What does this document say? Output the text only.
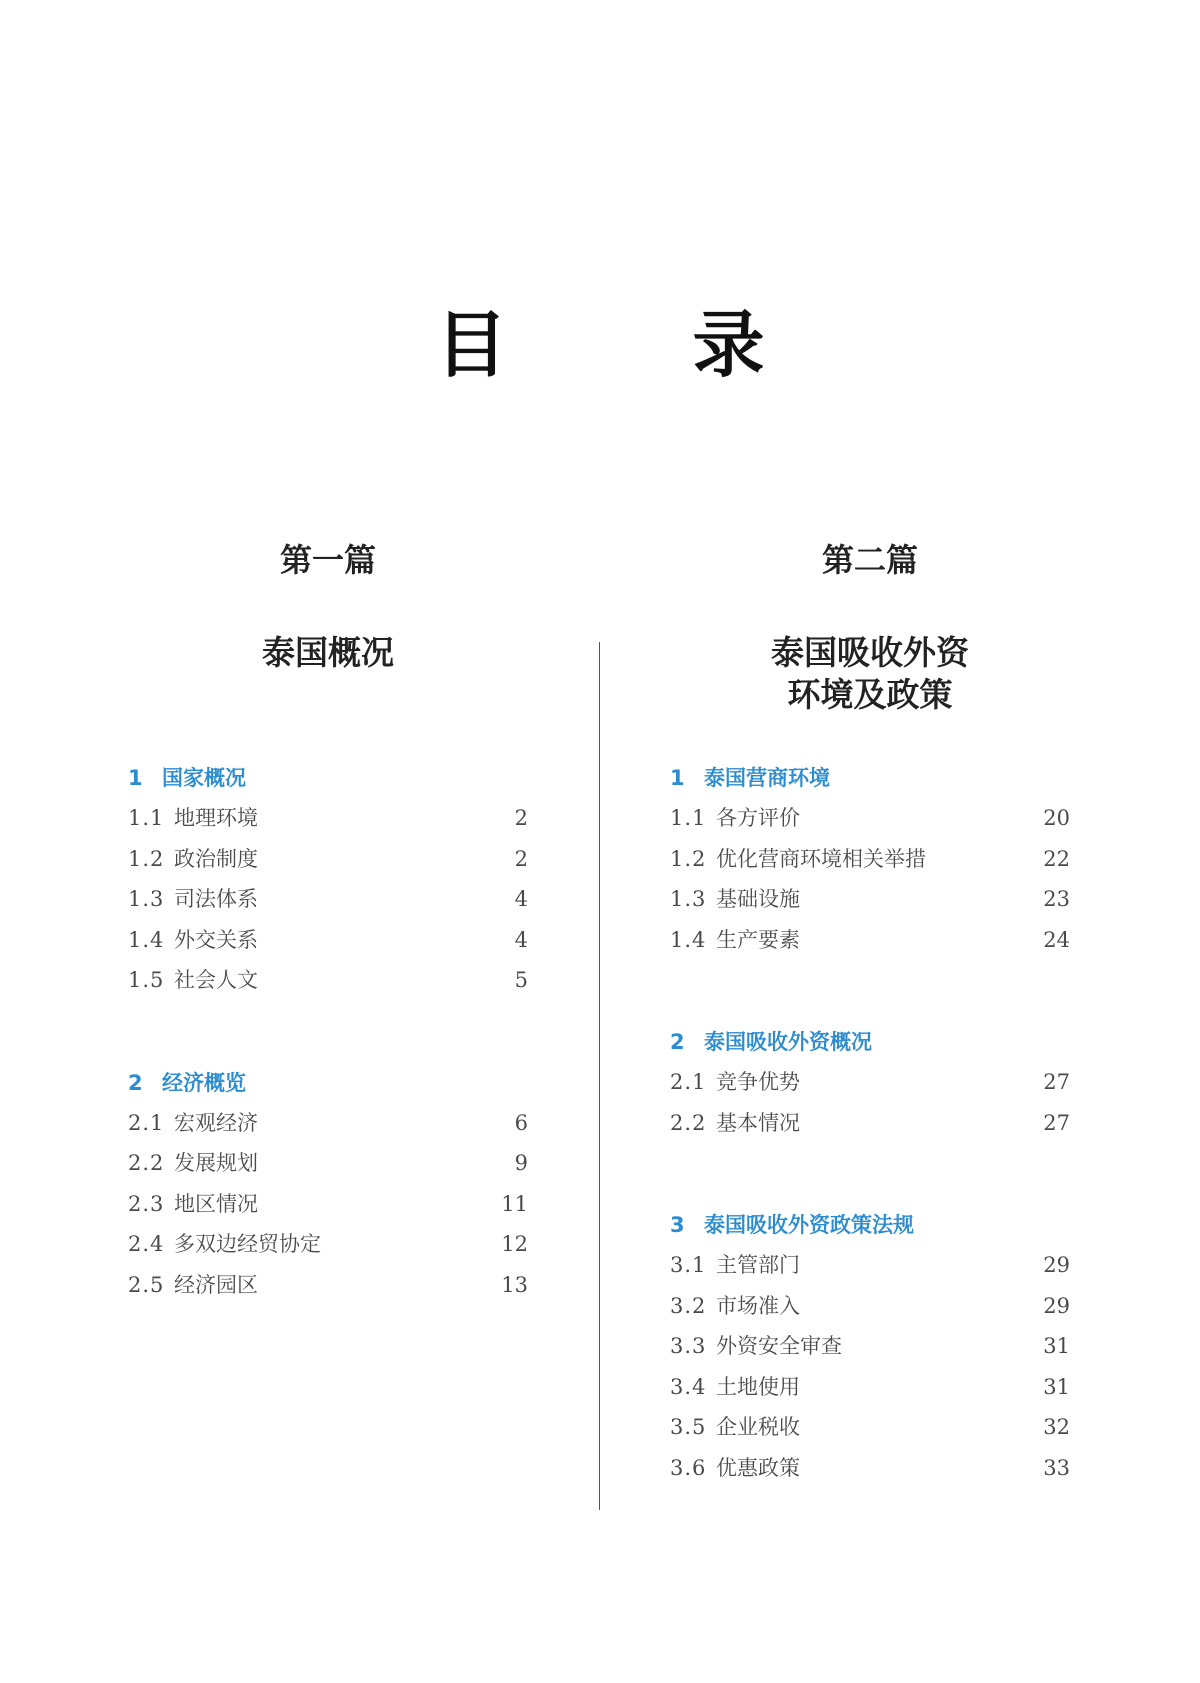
目 录
第一篇
泰国概况
1 国家概况
1.1 地理环境	2
1.2 政治制度	2
1.3 司法体系	4
1.4 外交关系	4
1.5 社会人文	5
2 经济概览
2.1 宏观经济	6
2.2 发展规划	9
2.3 地区情况	11
2.4 多双边经贸协定	12
2.5 经济园区	13
第二篇
泰国吸收外资
环境及政策
1 泰国营商环境
1.1 各方评价	20
1.2 优化营商环境相关举措	22
1.3 基础设施	23
1.4 生产要素	24
2 泰国吸收外资概况
2.1 竞争优势	27
2.2 基本情况	27
3 泰国吸收外资政策法规
3.1 主管部门	29
3.2 市场准入	29
3.3 外资安全审查	31
3.4 土地使用	31
3.5 企业税收	32
3.6 优惠政策	33
